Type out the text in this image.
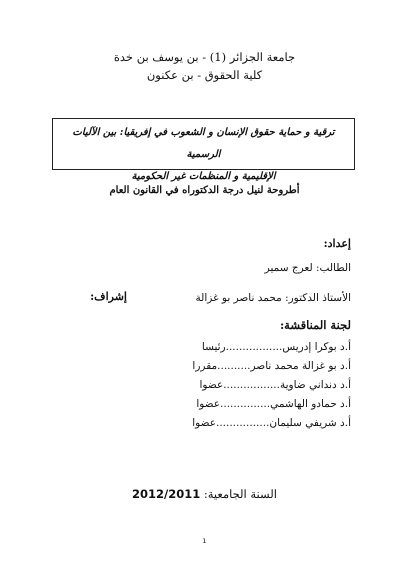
جامعة الجزائر (1) - بن يوسف بن خدة
كلية الحقوق - بن عكنون
ترقية و حماية حقوق الإنسان و الشعوب في إفريقيا: بين الآليات الرسمية
الإقليمية و المنظمات غير الحكومية
أطروحة لنيل درجة الدكتوراه في القانون العام
إعداد:
الطالب: لعرج سمير
إشراف:	الأستاذ الدكتور: محمد ناصر بو غزالة
لجنة المناقشة:
أ.د بوكرا إدريس.................رئيسا
أ.د بو غزالة محمد ناصر..........مقررا
أ.د دنداني ضاوية.................عضوا
أ.د حمادو الهاشمي...............عضوا
أ.د شريفي سليمان................عضوا
السنة الجامعية: 2012/2011
1
